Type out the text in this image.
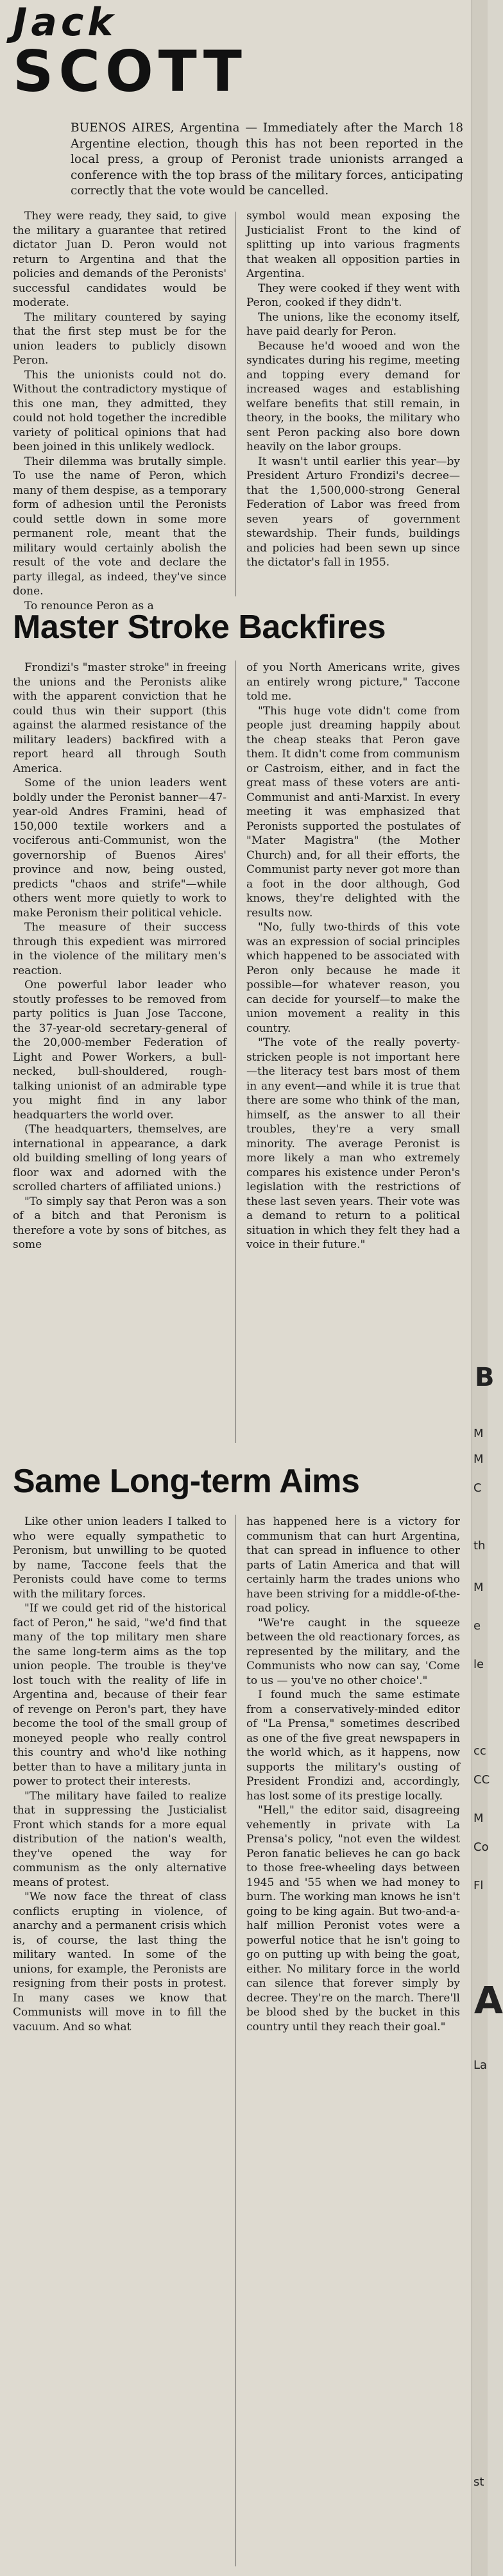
Jack
SCOTT
BUENOS AIRES, Argentina — Immediately after the March 18 Argentine election, though this has not been reported in the local press, a group of Peronist trade unionists arranged a conference with the top brass of the military forces, anticipating correctly that the vote would be cancelled.

They were ready, they said, to give the military a guarantee that retired dictator Juan D. Peron would not return to Argentina and that the policies and demands of the Peronists' successful candidates would be moderate.

The military countered by saying that the first step must be for the union leaders to publicly disown Peron.

This the unionists could not do. Without the contradictory mystique of this one man, they admitted, they could not hold together the incredible variety of political opinions that had been joined in this unlikely wedlock.

Their dilemma was brutally simple. To use the name of Peron, which many of them despise, as a temporary form of adhesion until the Peronists could settle down in some more permanent role, meant that the military would certainly abolish the result of the vote and declare the party illegal, as indeed, they've since done.

To renounce Peron as a

symbol would mean exposing the Justicialist Front to the kind of splitting up into various fragments that weaken all opposition parties in Argentina.

They were cooked if they went with Peron, cooked if they didn't.

The unions, like the economy itself, have paid dearly for Peron.

Because he'd wooed and won the syndicates during his regime, meeting and topping every demand for increased wages and establishing welfare benefits that still remain, in theory, in the books, the military who sent Peron packing also bore down heavily on the labor groups.

It wasn't until earlier this year—by President Arturo Frondizi's decree—that the 1,500,000-strong General Federation of Labor was freed from seven years of government stewardship. Their funds, buildings and policies had been sewn up since the dictator's fall in 1955.

Master Stroke Backfires

Frondizi's "master stroke" in freeing the unions and the Peronists alike with the apparent conviction that he could thus win their support (this against the alarmed resistance of the military leaders) backfired with a report heard all through South America.

Some of the union leaders went boldly under the Peronist banner—47-year-old Andres Framini, head of 150,000 textile workers and a vociferous anti-Communist, won the governorship of Buenos Aires' province and now, being ousted, predicts "chaos and strife"—while others went more quietly to work to make Peronism their political vehicle.

The measure of their success through this expedient was mirrored in the violence of the military men's reaction.

One powerful labor leader who stoutly professes to be removed from party politics is Juan Jose Taccone, the 37-year-old secretary-general of the 20,000-member Federation of Light and Power Workers, a bull-necked, bull-shouldered, rough-talking unionist of an admirable type you might find in any labor headquarters the world over.

(The headquarters, themselves, are international in appearance, a dark old building smelling of long years of floor wax and adorned with the scrolled charters of affiliated unions.)

"To simply say that Peron was a son of a bitch and that Peronism is therefore a vote by sons of bitches, as some

of you North Americans write, gives an entirely wrong picture," Taccone told me.

"This huge vote didn't come from people just dreaming happily about the cheap steaks that Peron gave them. It didn't come from communism or Castroism, either, and in fact the great mass of these voters are anti-Communist and anti-Marxist. In every meeting it was emphasized that Peronists supported the postulates of "Mater Magistra" (the Mother Church) and, for all their efforts, the Communist party never got more than a foot in the door although, God knows, they're delighted with the results now.

"No, fully two-thirds of this vote was an expression of social principles which happened to be associated with Peron only because he made it possible—for whatever reason, you can decide for yourself—to make the union movement a reality in this country.

"The vote of the really poverty-stricken people is not important here—the literacy test bars most of them in any event—and while it is true that there are some who think of the man, himself, as the answer to all their troubles, they're a very small minority. The average Peronist is more likely a man who extremely compares his existence under Peron's legislation with the restrictions of these last seven years. Their vote was a demand to return to a political situation in which they felt they had a voice in their future."

Same Long-term Aims

Like other union leaders I talked to who were equally sympathetic to Peronism, but unwilling to be quoted by name, Taccone feels that the Peronists could have come to terms with the military forces.

"If we could get rid of the historical fact of Peron," he said, "we'd find that many of the top military men share the same long-term aims as the top union people. The trouble is they've lost touch with the reality of life in Argentina and, because of their fear of revenge on Peron's part, they have become the tool of the small group of moneyed people who really control this country and who'd like nothing better than to have a military junta in power to protect their interests.

"The military have failed to realize that in suppressing the Justicialist Front which stands for a more equal distribution of the nation's wealth, they've opened the way for communism as the only alternative means of protest.

"We now face the threat of class conflicts erupting in violence, of anarchy and a permanent crisis which is, of course, the last thing the military wanted. In some of the unions, for example, the Peronists are resigning from their posts in protest. In many cases we know that Communists will move in to fill the vacuum. And so what

has happened here is a victory for communism that can hurt Argentina, that can spread in influence to other parts of Latin America and that will certainly harm the trades unions who have been striving for a middle-of-the-road policy.

"We're caught in the squeeze between the old reactionary forces, as represented by the military, and the Communists who now can say, 'Come to us — you've no other choice'."

I found much the same estimate from a conservatively-minded editor of "La Prensa," sometimes described as one of the five great newspapers in the world which, as it happens, now supports the military's ousting of President Frondizi and, accordingly, has lost some of its prestige locally.

"Hell," the editor said, disagreeing vehemently in private with La Prensa's policy, "not even the wildest Peron fanatic believes he can go back to those free-wheeling days between 1945 and '55 when we had money to burn. The working man knows he isn't going to be king again. But two-and-a-half million Peronist votes were a powerful notice that he isn't going to go on putting up with being the goat, either. No military force in the world can silence that forever simply by decree. They're on the march. There'll be blood shed by the bucket in this country until they reach their goal."

B
M
M
C
th
M
e
le
cc
CC
M
Co
Fl
A
La
st
